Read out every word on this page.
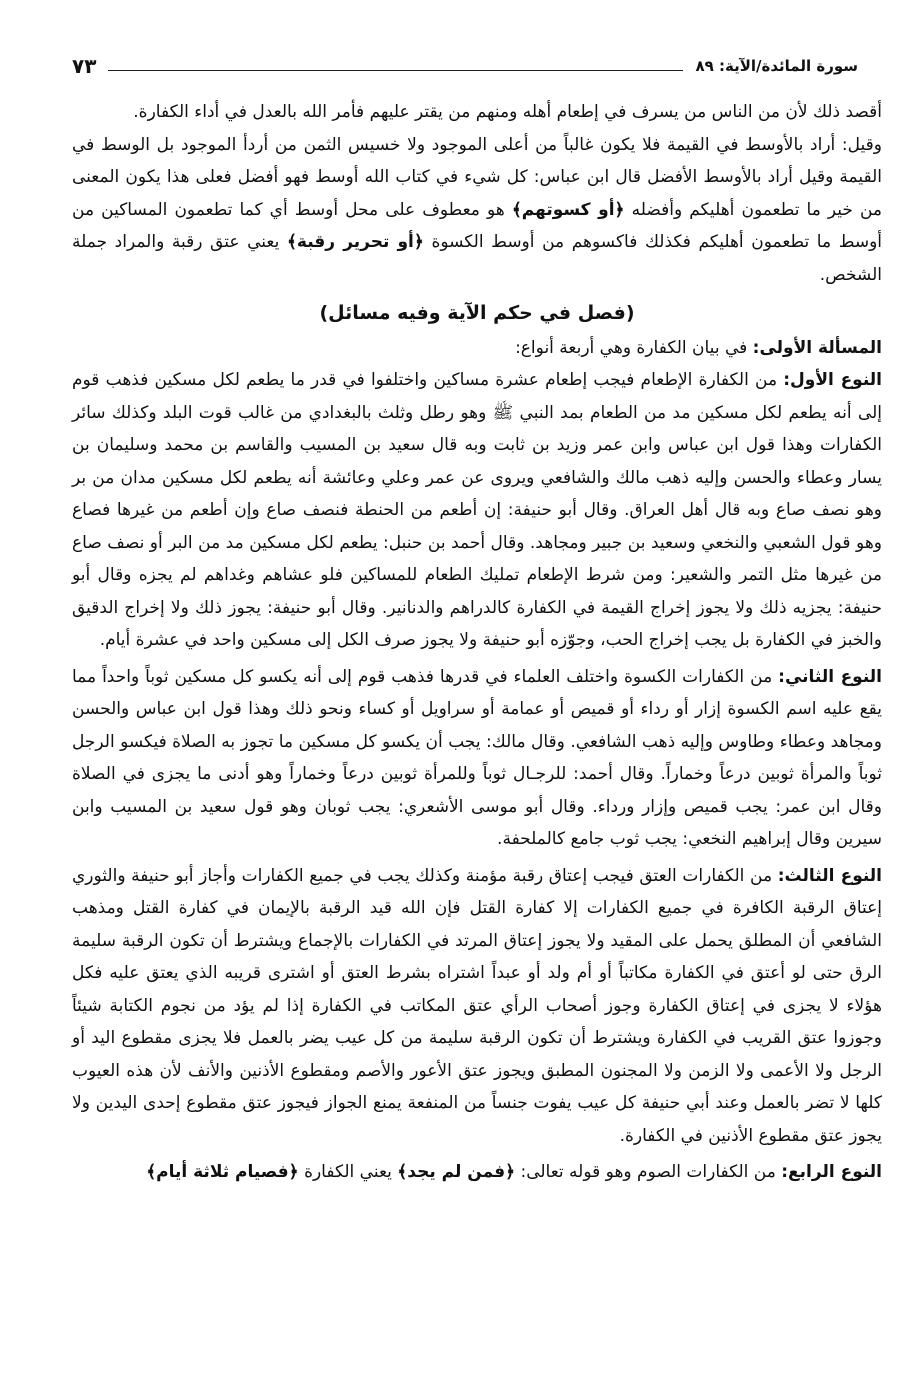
سورة المائدة/الآية: ٨٩
٧٣

أقصد ذلك لأن من الناس من يسرف في إطعام أهله ومنهم من يقتر عليهم فأمر الله بالعدل في أداء الكفارة.

وقيل: أراد بالأوسط في القيمة فلا يكون غالباً من أعلى الموجود ولا خسيس الثمن من أردأ الموجود بل الوسط في القيمة وقيل أراد بالأوسط الأفضل قال ابن عباس: كل شيء في كتاب الله أوسط فهو أفضل فعلى هذا يكون المعنى من خير ما تطعمون أهليكم وأفضله ﴿أو كسوتهم﴾ هو معطوف على محل أوسط أي كما تطعمون المساكين من أوسط ما تطعمون أهليكم فكذلك فاكسوهم من أوسط الكسوة ﴿أو تحرير رقبة﴾ يعني عتق رقبة والمراد جملة الشخص.

(فصل في حكم الآية وفيه مسائل)

المسألة الأولى: في بيان الكفارة وهي أربعة أنواع:

النوع الأول: من الكفارة الإطعام فيجب إطعام عشرة مساكين واختلفوا في قدر ما يطعم لكل مسكين فذهب قوم إلى أنه يطعم لكل مسكين مد من الطعام بمد النبي ﷺ وهو رطل وثلث بالبغدادي من غالب قوت البلد وكذلك سائر الكفارات وهذا قول ابن عباس وابن عمر وزيد بن ثابت وبه قال سعيد بن المسيب والقاسم بن محمد وسليمان بن يسار وعطاء والحسن وإليه ذهب مالك والشافعي ويروى عن عمر وعلي وعائشة أنه يطعم لكل مسكين مدان من بر وهو نصف صاع وبه قال أهل العراق. وقال أبو حنيفة: إن أطعم من الحنطة فنصف صاع وإن أطعم من غيرها فصاع وهو قول الشعبي والنخعي وسعيد بن جبير ومجاهد. وقال أحمد بن حنبل: يطعم لكل مسكين مد من البر أو نصف صاع من غيرها مثل التمر والشعير: ومن شرط الإطعام تمليك الطعام للمساكين فلو عشاهم وغداهم لم يجزه وقال أبو حنيفة: يجزيه ذلك ولا يجوز إخراج القيمة في الكفارة كالدراهم والدنانير. وقال أبو حنيفة: يجوز ذلك ولا إخراج الدقيق والخبز في الكفارة بل يجب إخراج الحب، وجوّزه أبو حنيفة ولا يجوز صرف الكل إلى مسكين واحد في عشرة أيام.

النوع الثاني: من الكفارات الكسوة واختلف العلماء في قدرها فذهب قوم إلى أنه يكسو كل مسكين ثوباً واحداً مما يقع عليه اسم الكسوة إزار أو رداء أو قميص أو عمامة أو سراويل أو كساء ونحو ذلك وهذا قول ابن عباس والحسن ومجاهد وعطاء وطاوس وإليه ذهب الشافعي. وقال مالك: يجب أن يكسو كل مسكين ما تجوز به الصلاة فيكسو الرجل ثوباً والمرأة ثوبين درعاً وخماراً. وقال أحمد: للرجـال ثوباً وللمرأة ثوبين درعاً وخماراً وهو أدنى ما يجزى في الصلاة وقال ابن عمر: يجب قميص وإزار ورداء. وقال أبو موسى الأشعري: يجب ثوبان وهو قول سعيد بن المسيب وابن سيرين وقال إبراهيم النخعي: يجب ثوب جامع كالملحفة.

النوع الثالث: من الكفارات العتق فيجب إعتاق رقبة مؤمنة وكذلك يجب في جميع الكفارات وأجاز أبو حنيفة والثوري إعتاق الرقبة الكافرة في جميع الكفارات إلا كفارة القتل فإن الله قيد الرقبة بالإيمان في كفارة القتل ومذهب الشافعي أن المطلق يحمل على المقيد ولا يجوز إعتاق المرتد في الكفارات بالإجماع ويشترط أن تكون الرقبة سليمة الرق حتى لو أعتق في الكفارة مكاتباً أو أم ولد أو عبداً اشتراه بشرط العتق أو اشترى قريبه الذي يعتق عليه فكل هؤلاء لا يجزى في إعتاق الكفارة وجوز أصحاب الرأي عتق المكاتب في الكفارة إذا لم يؤد من نجوم الكتابة شيئاً وجوزوا عتق القريب في الكفارة ويشترط أن تكون الرقبة سليمة من كل عيب يضر بالعمل فلا يجزى مقطوع اليد أو الرجل ولا الأعمى ولا الزمن ولا المجنون المطبق ويجوز عتق الأعور والأصم ومقطوع الأذنين والأنف لأن هذه العيوب كلها لا تضر بالعمل وعند أبي حنيفة كل عيب يفوت جنساً من المنفعة يمنع الجواز فيجوز عتق مقطوع إحدى اليدين ولا يجوز عتق مقطوع الأذنين في الكفارة.

النوع الرابع: من الكفارات الصوم وهو قوله تعالى: ﴿فمن لم يجد﴾ يعني الكفارة ﴿فصيام ثلاثة أيام﴾
